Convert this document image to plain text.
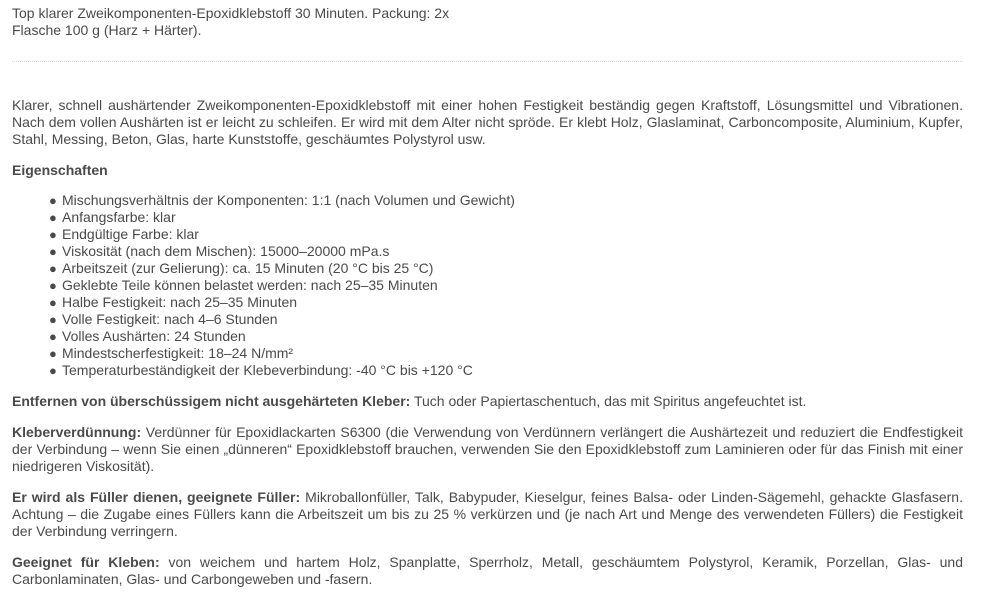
Top klarer Zweikomponenten-Epoxidklebstoff 30 Minuten. Packung: 2x
Flasche 100 g (Harz + Härter).

Klarer, schnell aushärtender Zweikomponenten-Epoxidklebstoff mit einer hohen Festigkeit beständig gegen Kraftstoff, Lösungsmittel und Vibrationen. Nach dem vollen Aushärten ist er leicht zu schleifen. Er wird mit dem Alter nicht spröde. Er klebt Holz, Glaslaminat, Carboncomposite, Aluminium, Kupfer, Stahl, Messing, Beton, Glas, harte Kunststoffe, geschäumtes Polystyrol usw.

Eigenschaften
● Mischungsverhältnis der Komponenten: 1:1 (nach Volumen und Gewicht)
● Anfangsfarbe: klar
● Endgültige Farbe: klar
● Viskosität (nach dem Mischen): 15000–20000 mPa.s
● Arbeitszeit (zur Gelierung): ca. 15 Minuten (20 °C bis 25 °C)
● Geklebte Teile können belastet werden: nach 25–35 Minuten
● Halbe Festigkeit: nach 25–35 Minuten
● Volle Festigkeit: nach 4–6 Stunden
● Volles Aushärten: 24 Stunden
● Mindestscherfestigkeit: 18–24 N/mm²
● Temperaturbeständigkeit der Klebeverbindung: -40 °C bis +120 °C

Entfernen von überschüssigem nicht ausgehärteten Kleber: Tuch oder Papiertaschentuch, das mit Spiritus angefeuchtet ist.

Kleberverdünnung: Verdünner für Epoxidlackarten S6300 (die Verwendung von Verdünnern verlängert die Aushärtezeit und reduziert die Endfestigkeit der Verbindung – wenn Sie einen „dünneren“ Epoxidklebstoff brauchen, verwenden Sie den Epoxidklebstoff zum Laminieren oder für das Finish mit einer niedrigeren Viskosität).

Er wird als Füller dienen, geeignete Füller: Mikroballonfüller, Talk, Babypuder, Kieselgur, feines Balsa- oder Linden-Sägemehl, gehackte Glasfasern. Achtung – die Zugabe eines Füllers kann die Arbeitszeit um bis zu 25 % verkürzen und (je nach Art und Menge des verwendeten Füllers) die Festigkeit der Verbindung verringern.

Geeignet für Kleben: von weichem und hartem Holz, Spanplatte, Sperrholz, Metall, geschäumtem Polystyrol, Keramik, Porzellan, Glas- und Carbonlaminaten, Glas- und Carbongeweben und -fasern.
